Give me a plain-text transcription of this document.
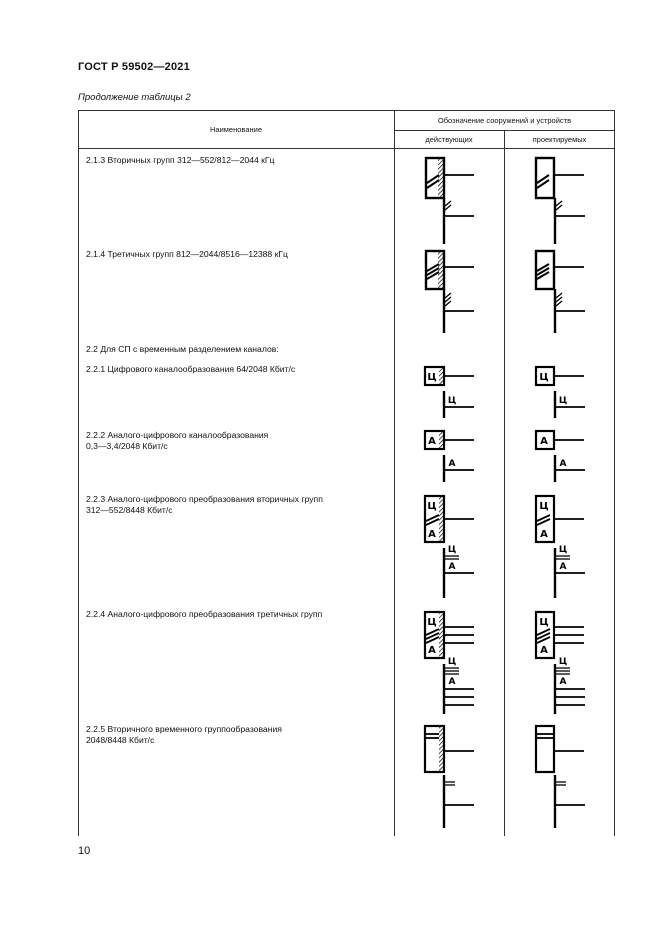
ГОСТ Р 59502—2021
Продолжение таблицы 2
Наименование
Обозначение сооружений и устройств
действующих	проектируемых
2.1.3 Вторичных групп 312—552/812—2044 кГц
2.1.4 Третичных групп 812—2044/8516—12388 кГц
2.2 Для СП с временным разделением каналов:
2.2.1 Цифрового каналообразования 64/2048 Кбит/с
2.2.2 Аналого-цифрового каналообразования
0,3—3,4/2048 Кбит/с
2.2.3 Аналого-цифрового преобразования вторичных групп
312—552/8448 Кбит/с
2.2.4 Аналого-цифрового преобразования третичных групп
2.2.5 Вторичного временного группообразования
2048/8448 Кбит/с
Ц
Ц
Ц
Ц
А
А
А
А
Ц
А
Ц
А
Ц
А
Ц
А
Ц
А
Ц
А
Ц
А
Ц
А
10
